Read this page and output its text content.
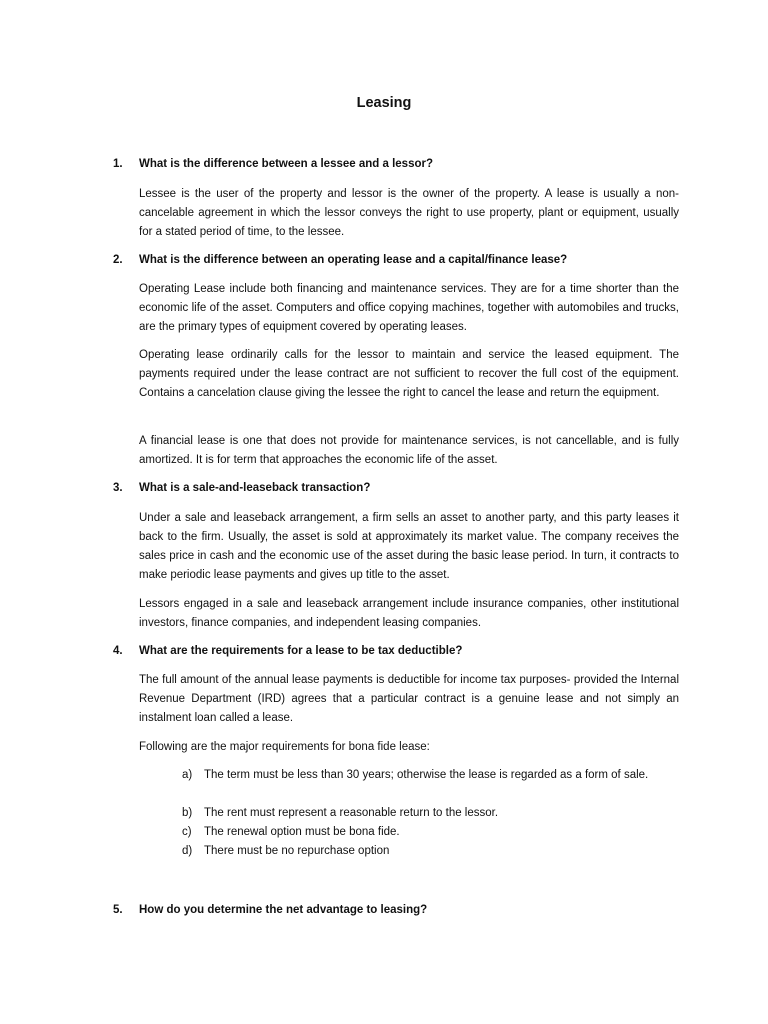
Leasing
1. What is the difference between a lessee and a lessor?
Lessee is the user of the property and lessor is the owner of the property. A lease is usually a non-cancelable agreement in which the lessor conveys the right to use property, plant or equipment, usually for a stated period of time, to the lessee.
2. What is the difference between an operating lease and a capital/finance lease?
Operating Lease include both financing and maintenance services. They are for a time shorter than the economic life of the asset. Computers and office copying machines, together with automobiles and trucks, are the primary types of equipment covered by operating leases.
Operating lease ordinarily calls for the lessor to maintain and service the leased equipment. The payments required under the lease contract are not sufficient to recover the full cost of the equipment. Contains a cancelation clause giving the lessee the right to cancel the lease and return the equipment.
A financial lease is one that does not provide for maintenance services, is not cancellable, and is fully amortized. It is for term that approaches the economic life of the asset.
3. What is a sale-and-leaseback transaction?
Under a sale and leaseback arrangement, a firm sells an asset to another party, and this party leases it back to the firm. Usually, the asset is sold at approximately its market value. The company receives the sales price in cash and the economic use of the asset during the basic lease period. In turn, it contracts to make periodic lease payments and gives up title to the asset.
Lessors engaged in a sale and leaseback arrangement include insurance companies, other institutional investors, finance companies, and independent leasing companies.
4. What are the requirements for a lease to be tax deductible?
The full amount of the annual lease payments is deductible for income tax purposes- provided the Internal Revenue Department (IRD) agrees that a particular contract is a genuine lease and not simply an instalment loan called a lease.
Following are the major requirements for bona fide lease:
a) The term must be less than 30 years; otherwise the lease is regarded as a form of sale.
b) The rent must represent a reasonable return to the lessor.
c) The renewal option must be bona fide.
d) There must be no repurchase option
5. How do you determine the net advantage to leasing?
